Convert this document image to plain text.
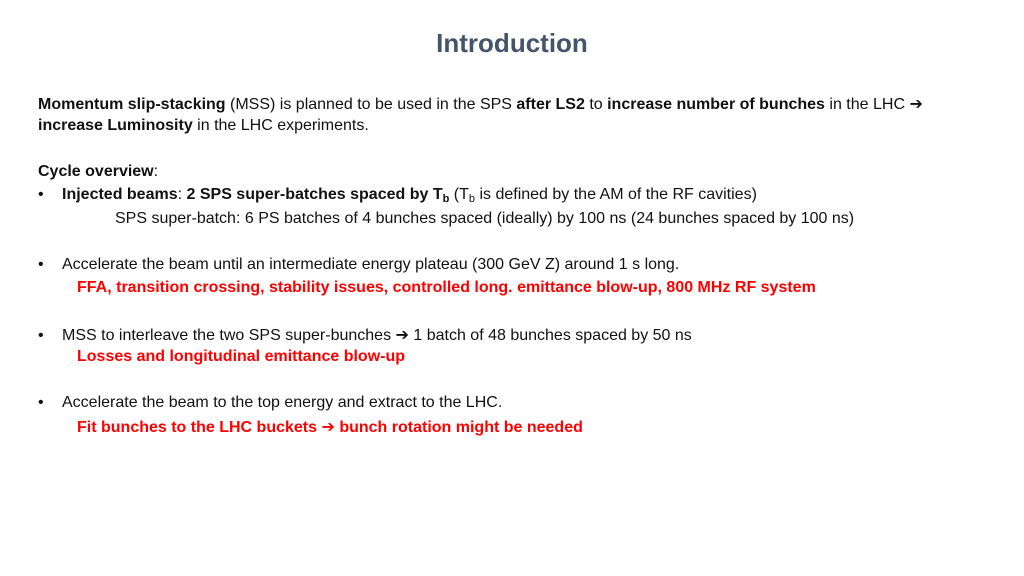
Introduction
Momentum slip-stacking (MSS) is planned to be used in the SPS after LS2 to increase number of bunches in the LHC ➔
increase Luminosity in the LHC experiments.
Cycle overview:
• Injected beams: 2 SPS super-batches spaced by $T_b$ ($T_b$ is defined by the AM of the RF cavities)
SPS super-batch: 6 PS batches of 4 bunches spaced (ideally) by 100 ns (24 bunches spaced by 100 ns)
• Accelerate the beam until an intermediate energy plateau (300 GeV Z) around 1 s long.
FFA, transition crossing, stability issues, controlled long. emittance blow-up, 800 MHz RF system
• MSS to interleave the two SPS super-bunches ➔ 1 batch of 48 bunches spaced by 50 ns
Losses and longitudinal emittance blow-up
• Accelerate the beam to the top energy and extract to the LHC.
Fit bunches to the LHC buckets ➔ bunch rotation might be needed
